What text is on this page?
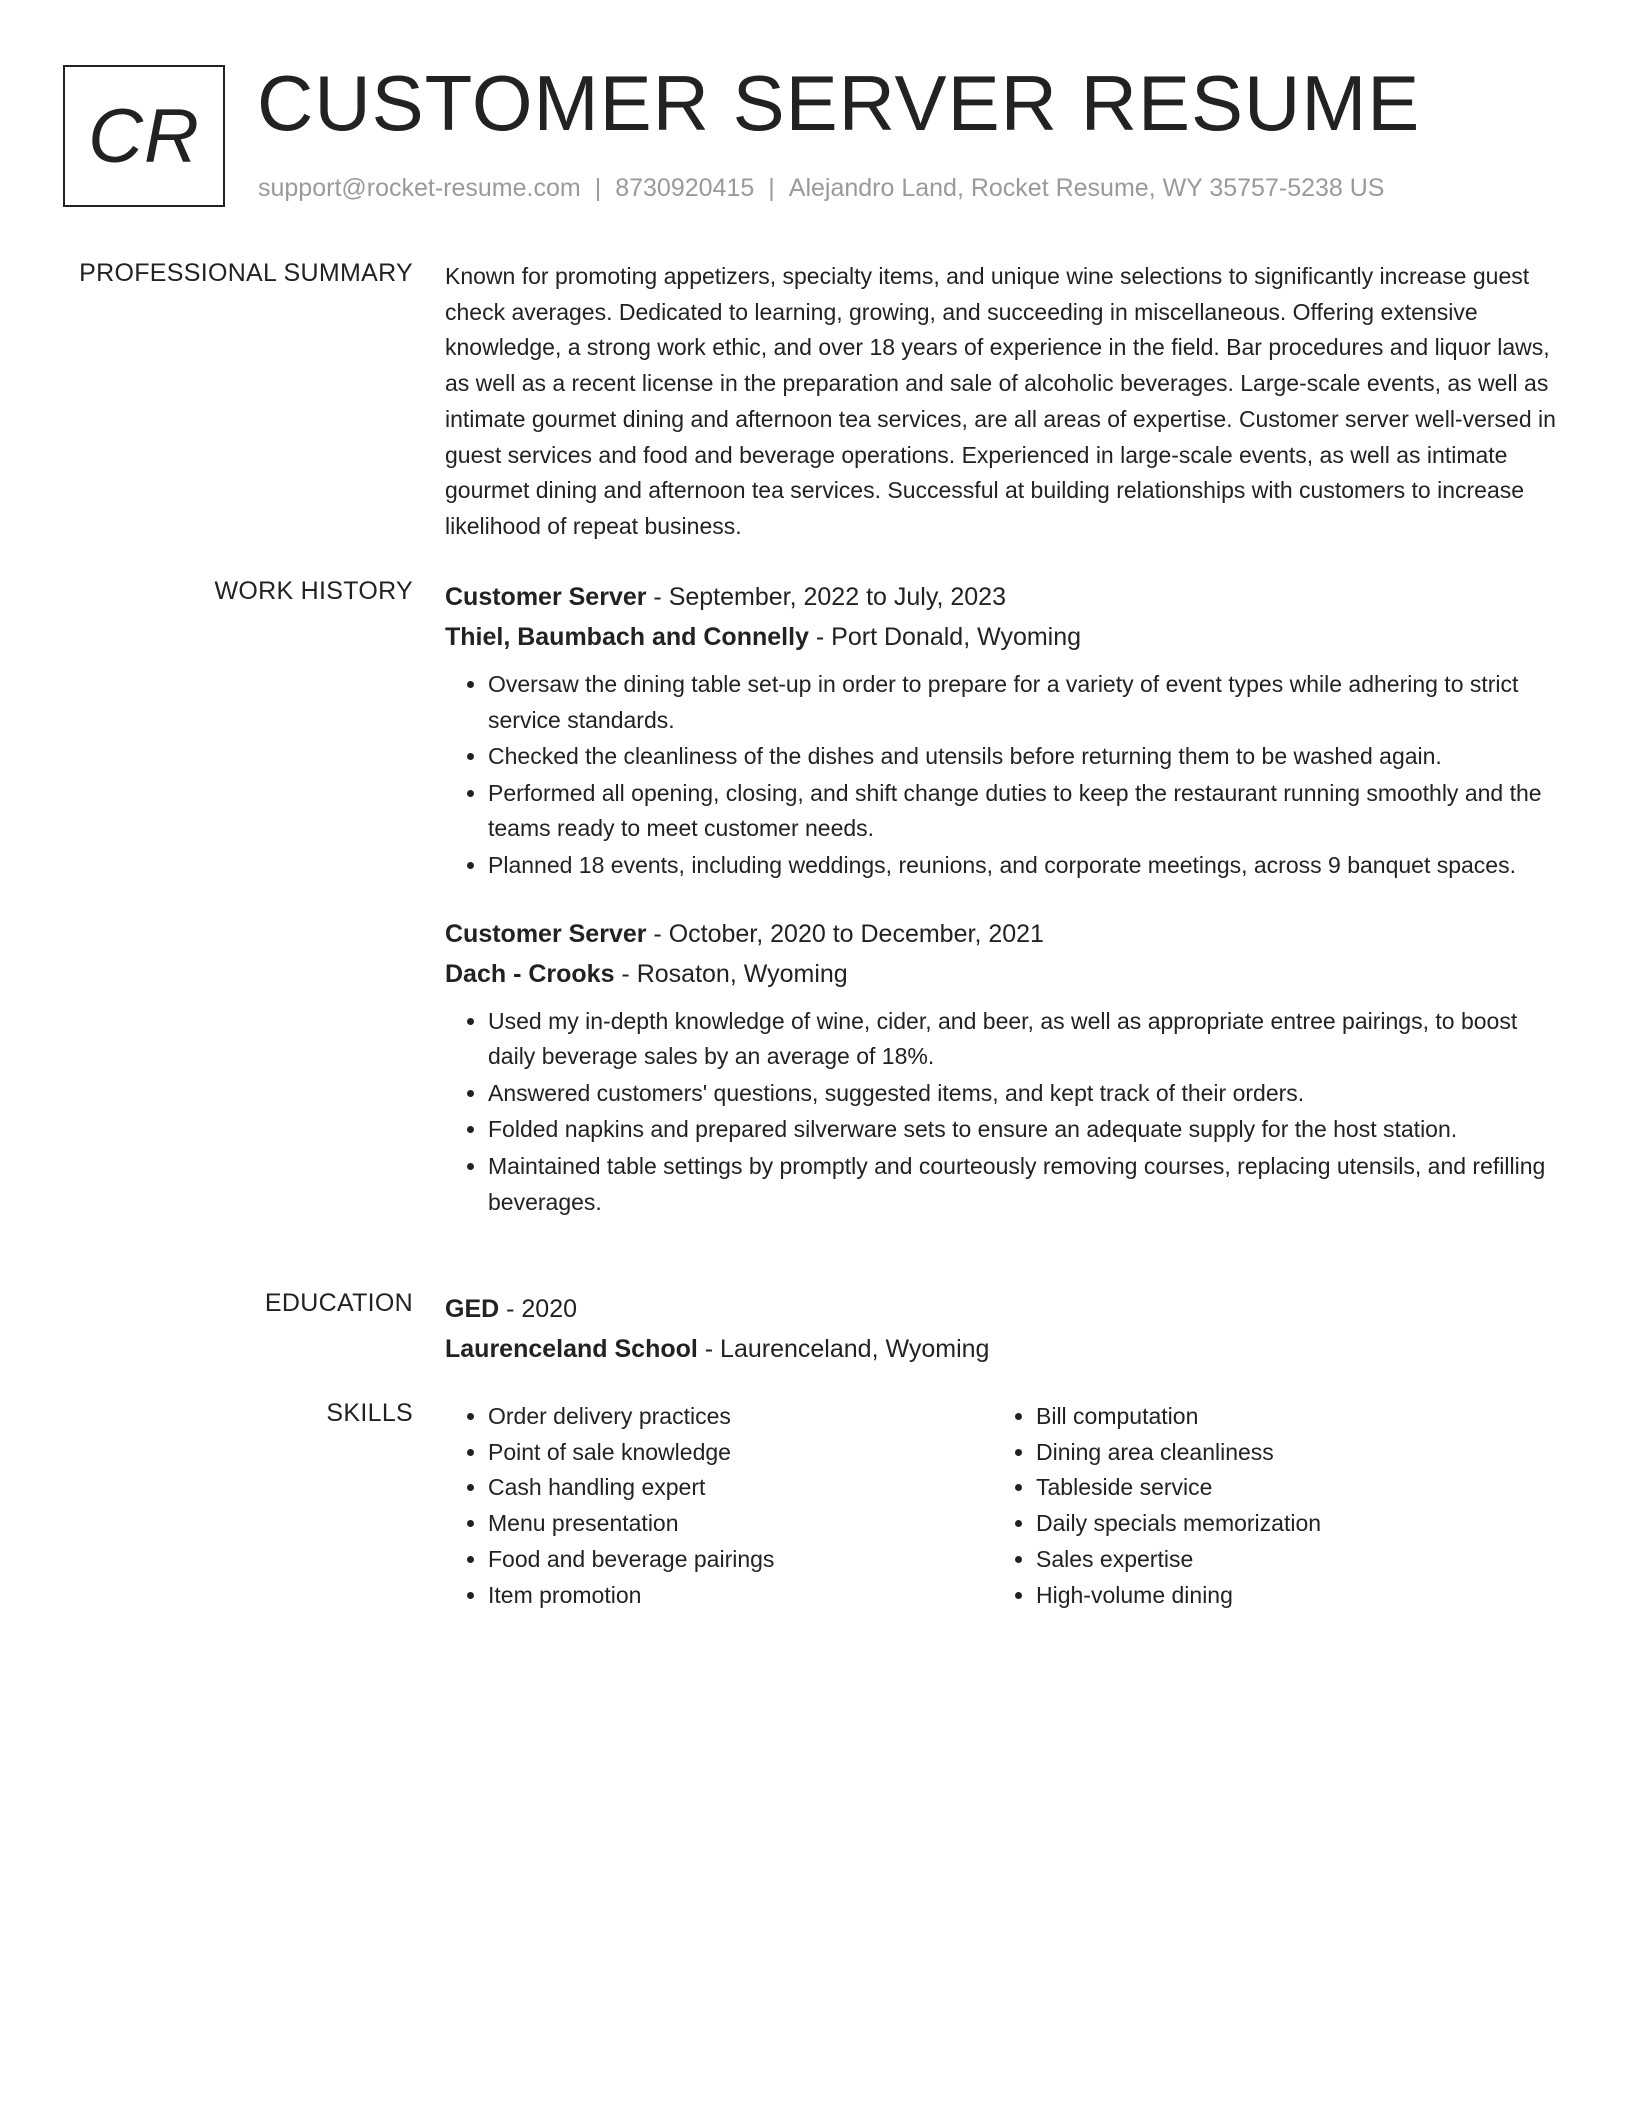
CR CUSTOMER SERVER RESUME
support@rocket-resume.com | 8730920415 | Alejandro Land, Rocket Resume, WY 35757-5238 US
PROFESSIONAL SUMMARY Known for promoting appetizers, specialty items, and unique wine selections to significantly increase guest check averages. Dedicated to learning, growing, and succeeding in miscellaneous. Offering extensive knowledge, a strong work ethic, and over 18 years of experience in the field. Bar procedures and liquor laws, as well as a recent license in the preparation and sale of alcoholic beverages. Large-scale events, as well as intimate gourmet dining and afternoon tea services, are all areas of expertise. Customer server well-versed in guest services and food and beverage operations. Experienced in large-scale events, as well as intimate gourmet dining and afternoon tea services. Successful at building relationships with customers to increase likelihood of repeat business.
WORK HISTORY Customer Server - September, 2022 to July, 2023
Thiel, Baumbach and Connelly - Port Donald, Wyoming
• Oversaw the dining table set-up in order to prepare for a variety of event types while adhering to strict service standards.
• Checked the cleanliness of the dishes and utensils before returning them to be washed again.
• Performed all opening, closing, and shift change duties to keep the restaurant running smoothly and the teams ready to meet customer needs.
• Planned 18 events, including weddings, reunions, and corporate meetings, across 9 banquet spaces.
Customer Server - October, 2020 to December, 2021
Dach - Crooks - Rosaton, Wyoming
• Used my in-depth knowledge of wine, cider, and beer, as well as appropriate entree pairings, to boost daily beverage sales by an average of 18%.
• Answered customers' questions, suggested items, and kept track of their orders.
• Folded napkins and prepared silverware sets to ensure an adequate supply for the host station.
• Maintained table settings by promptly and courteously removing courses, replacing utensils, and refilling beverages.
EDUCATION GED - 2020
Laurenceland School - Laurenceland, Wyoming
SKILLS
•	Order delivery practices
• Point of sale knowledge
• Cash handling expert
• Menu presentation
• Food and beverage pairings
• Item promotion
• Bill computation
• Dining area cleanliness
• Tableside service
• Daily specials memorization
• Sales expertise
• High-volume dining
